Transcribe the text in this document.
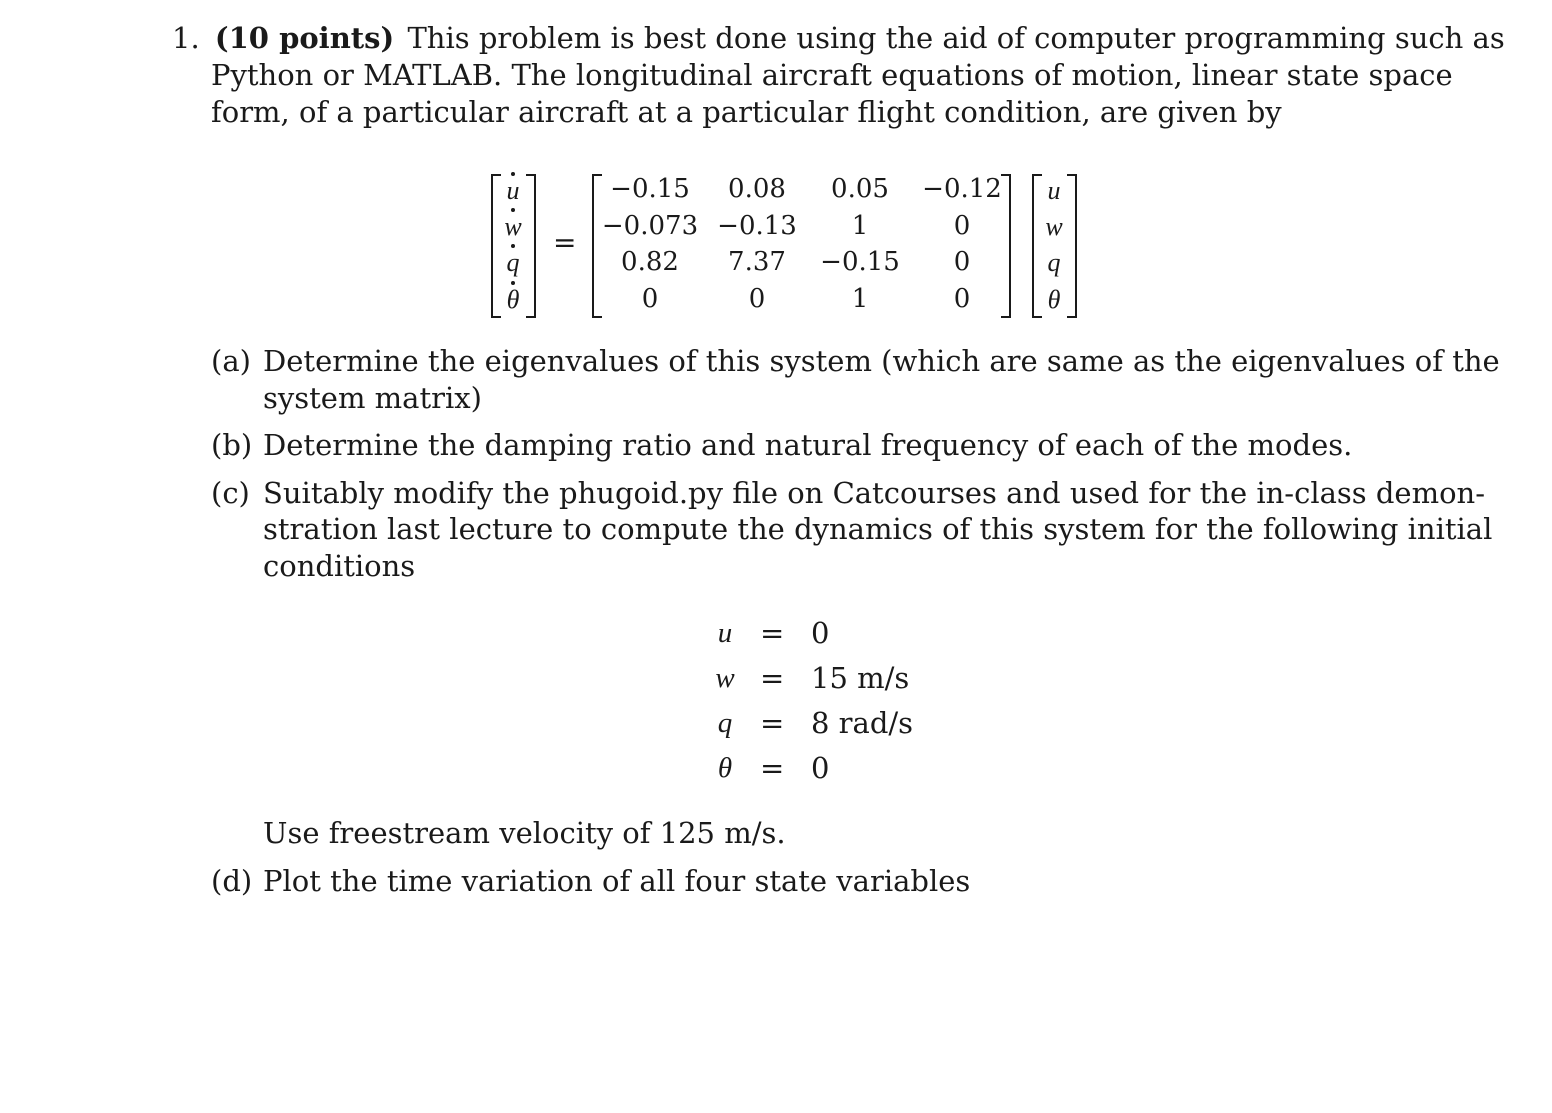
1. (10 points) This problem is best done using the aid of computer programming such as
Python or MATLAB. The longitudinal aircraft equations of motion, linear state space
form, of a particular aircraft at a particular flight condition, are given by
u
w
q
θ
=
−0.15	0.08	0.05	−0.12
−0.073 −0.13	1	0
0.82	7.37	−0.15	0
0	0	1	0
u
w
q
θ
(a) Determine the eigenvalues of this system (which are same as the eigenvalues of the
system matrix)
(b) Determine the damping ratio and natural frequency of each of the modes.
(c) Suitably modify the phugoid.py file on Catcourses and used for the in-class demon-
stration last lecture to compute the dynamics of this system for the following initial
conditions
u = 0
w = 15 m/s
q = 8 rad/s
θ = 0
Use freestream velocity of 125 m/s.
(d) Plot the time variation of all four state variables
